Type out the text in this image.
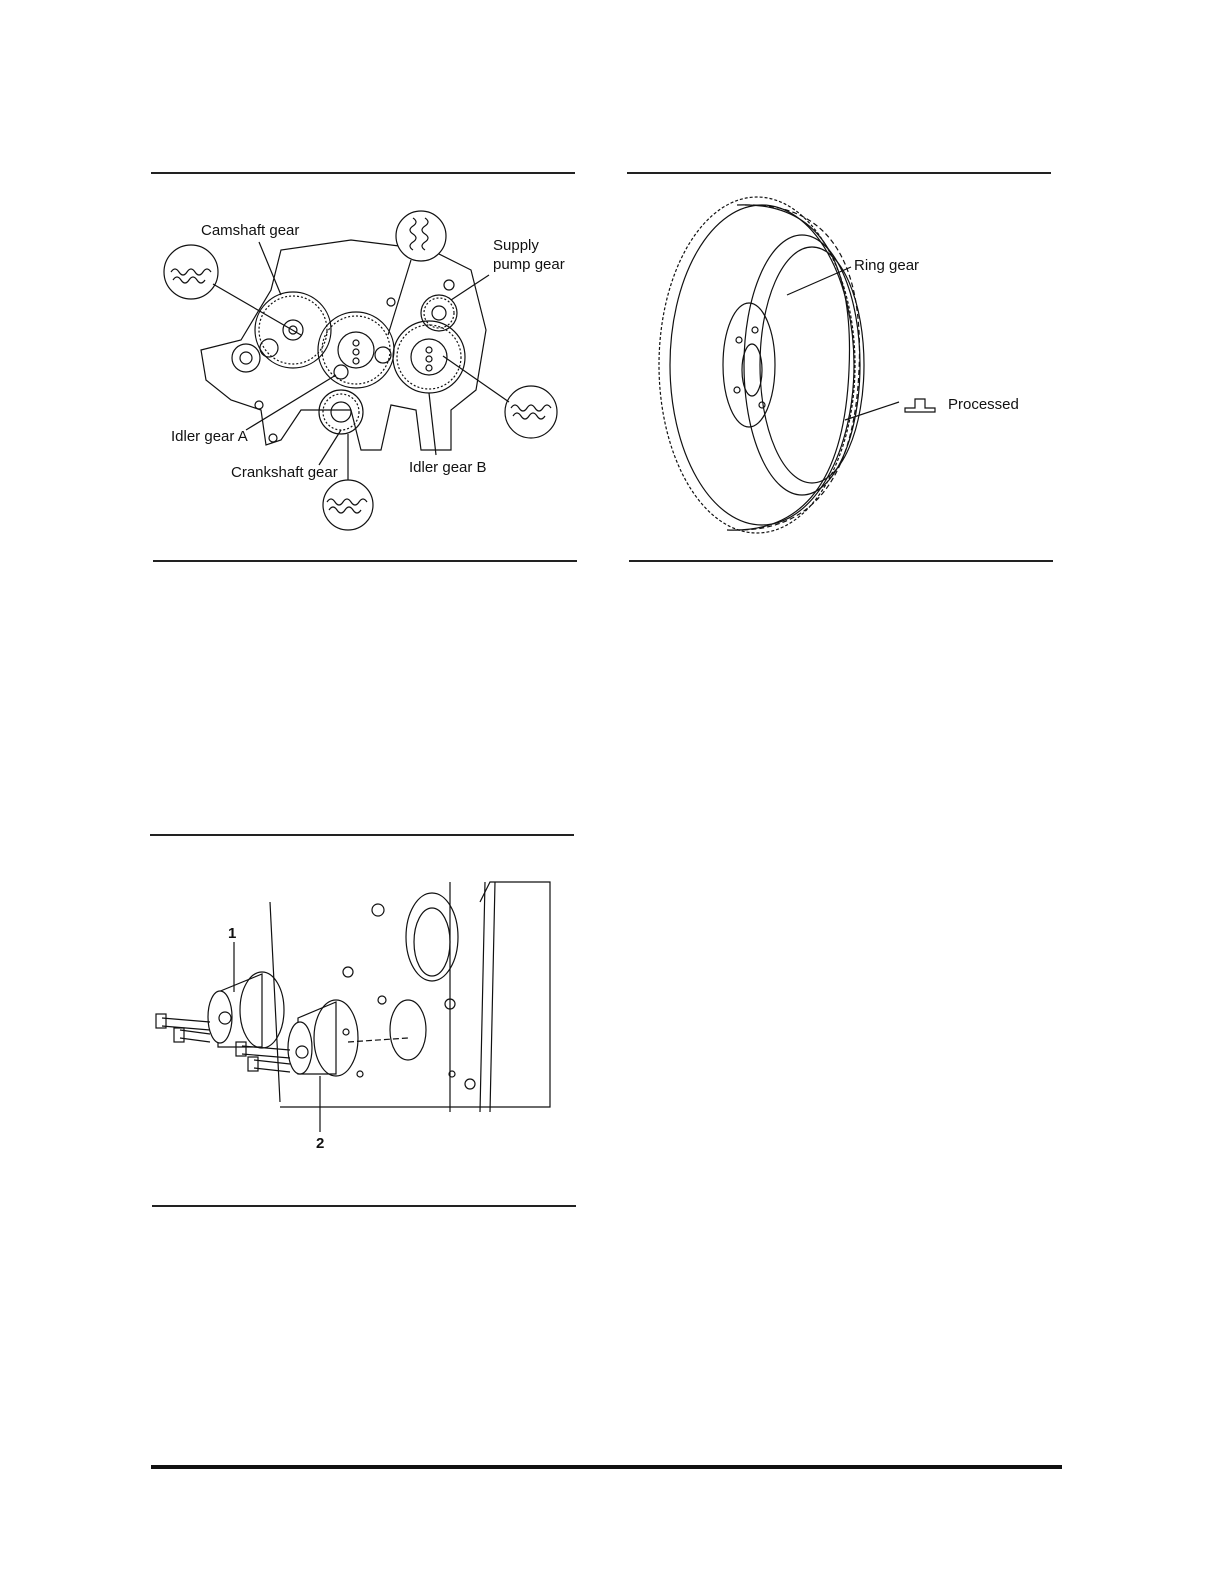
Camshaft gear
Supply
pump gear
Idler gear A
Crankshaft gear	Idler gear B
Ring gear
Processed
1
2
